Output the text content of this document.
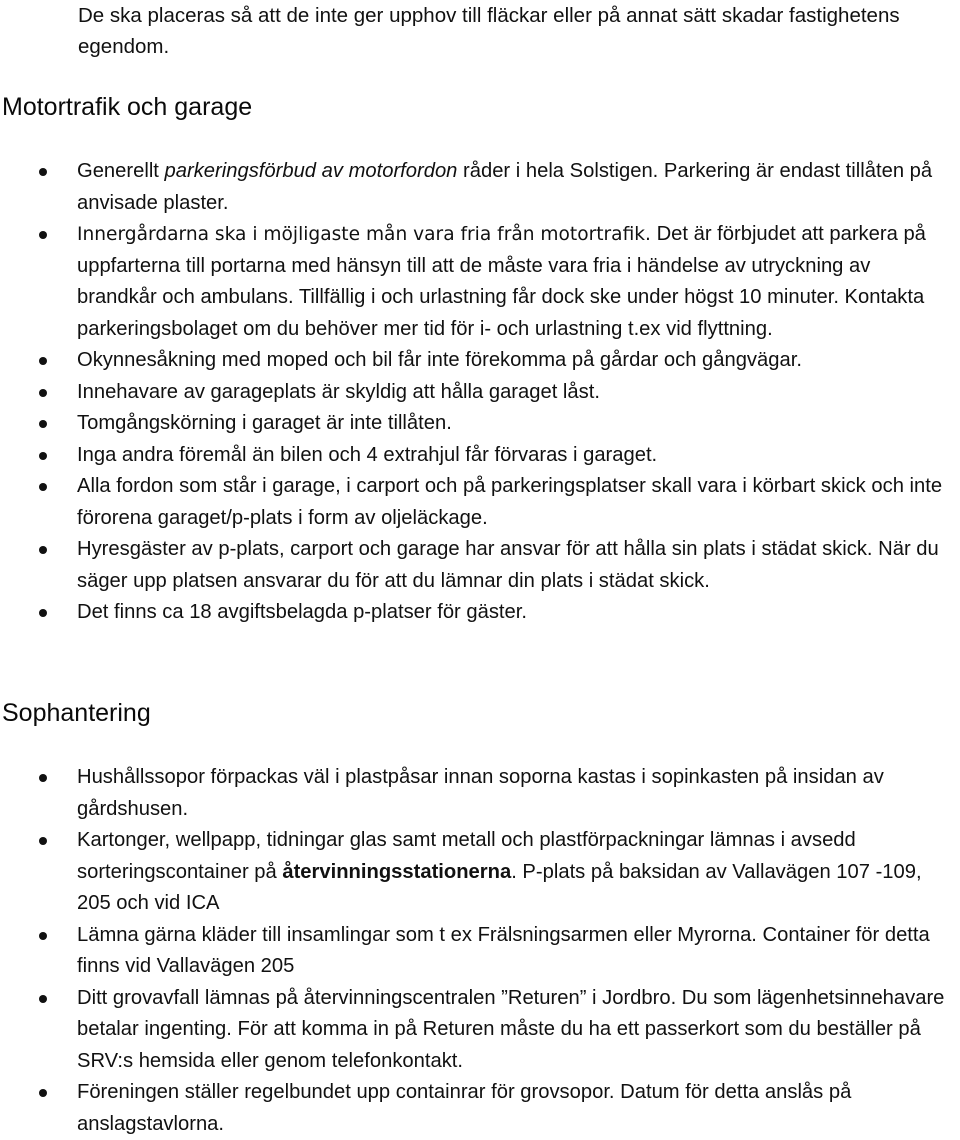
De ska placeras så att de inte ger upphov till fläckar eller på annat sätt skadar fastighetens egendom.

Motortrafik och garage
Generellt parkeringsförbud av motorfordon råder i hela Solstigen. Parkering är endast tillåten på anvisade plaster.
Innergårdarna ska i möjligaste mån vara fria från motortrafik. Det är förbjudet att parkera på uppfarterna till portarna med hänsyn till att de måste vara fria i händelse av utryckning av brandkår och ambulans. Tillfällig i och urlastning får dock ske under högst 10 minuter. Kontakta parkeringsbolaget om du behöver mer tid för i- och urlastning t.ex vid flyttning.
Okynnesåkning med moped och bil får inte förekomma på gårdar och gångvägar.
Innehavare av garageplats är skyldig att hålla garaget låst.
Tomgångskörning i garaget är inte tillåten.
Inga andra föremål än bilen och 4 extrahjul får förvaras i garaget.
Alla fordon som står i garage, i carport och på parkeringsplatser skall vara i körbart skick och inte förorena garaget/p-plats i form av oljeläckage.
Hyresgäster av p-plats, carport och garage har ansvar för att hålla sin plats i städat skick. När du säger upp platsen ansvarar du för att du lämnar din plats i städat skick.
Det finns ca 18 avgiftsbelagda p-platser för gäster.
Sophantering
Hushållssopor förpackas väl i plastpåsar innan soporna kastas i sopinkasten på insidan av gårdshusen.
Kartonger, wellpapp, tidningar glas samt metall och plastförpackningar lämnas i avsedd sorteringscontainer på återvinningsstationerna. P-plats på baksidan av Vallavägen 107 -109, 205 och vid ICA
Lämna gärna kläder till insamlingar som t ex Frälsningsarmen eller Myrorna. Container för detta finns vid Vallavägen 205
Ditt grovavfall lämnas på återvinningscentralen ”Returen” i Jordbro. Du som lägenhetsinnehavare betalar ingenting. För att komma in på Returen måste du ha ett passerkort som du beställer på SRV:s hemsida eller genom telefonkontakt.
Föreningen ställer regelbundet upp containrar för grovsopor. Datum för detta anslås på anslagstavlorna.
